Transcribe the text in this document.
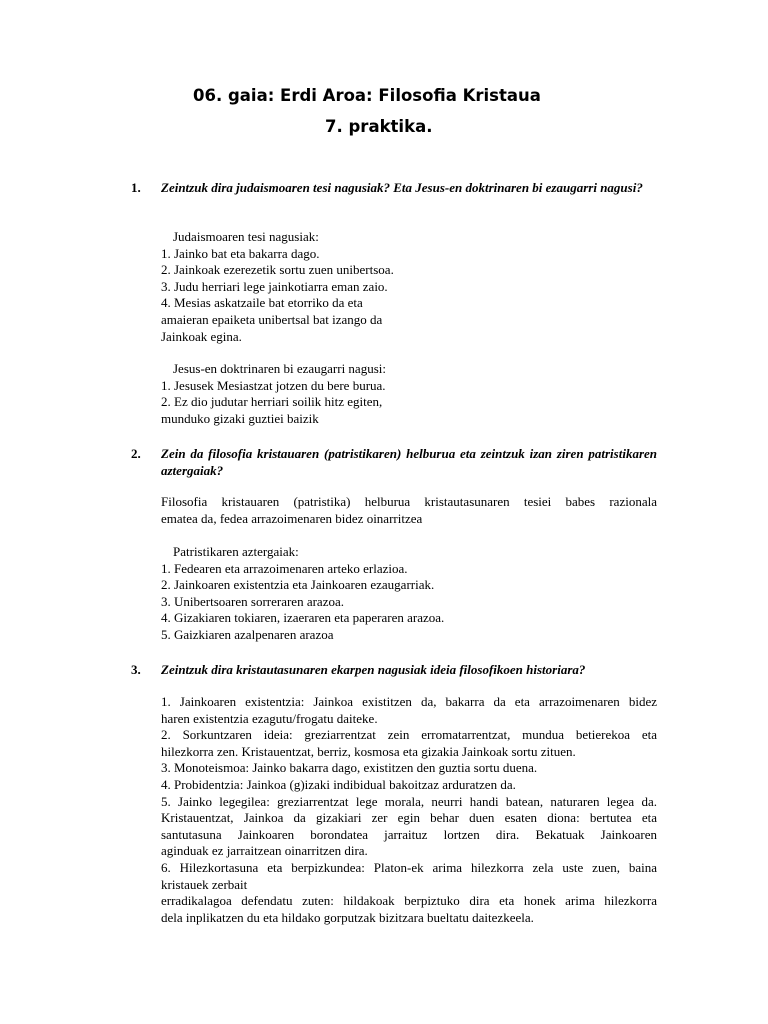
06. gaia: Erdi Aroa: Filosofia Kristaua
7. praktika.
1.	Zeintzuk dira judaismoaren tesi nagusiak? Eta Jesus-en doktrinaren bi ezaugarri nagusi?
Judaismoaren tesi nagusiak:
1. Jainko bat eta bakarra dago.
2. Jainkoak ezerezetik sortu zuen unibertsoa.
3. Judu herriari lege jainkotiarra eman zaio.
4. Mesias askatzaile bat etorriko da eta
amaieran epaiketa unibertsal bat izango da
Jainkoak egina.
Jesus-en doktrinaren bi ezaugarri nagusi:
1. Jesusek Mesiastzat jotzen du bere burua.
2. Ez dio judutar herriari soilik hitz egiten,
munduko gizaki guztiei baizik
2.	Zein da filosofia kristauaren (patristikaren) helburua eta zeintzuk izan ziren patristikaren aztergaiak?
Filosofia kristauaren (patristika) helburua kristautasunaren tesiei babes razionala
ematea da, fedea arrazoimenaren bidez oinarritzea
Patristikaren aztergaiak:
1. Fedearen eta arrazoimenaren arteko erlazioa.
2. Jainkoaren existentzia eta Jainkoaren ezaugarriak.
3. Unibertsoaren sorreraren arazoa.
4. Gizakiaren tokiaren, izaeraren eta paperaren arazoa.
5. Gaizkiaren azalpenaren arazoa
3.	Zeintzuk dira kristautasunaren ekarpen nagusiak ideia filosofikoen historiara?
1. Jainkoaren existentzia: Jainkoa existitzen da, bakarra da eta arrazoimenaren bidez
haren existentzia ezagutu/frogatu daiteke.
2. Sorkuntzaren ideia: greziarrentzat zein erromatarrentzat, mundua betierekoa eta
hilezkorra zen. Kristauentzat, berriz, kosmosa eta gizakia Jainkoak sortu zituen.
3. Monoteismoa: Jainko bakarra dago, existitzen den guztia sortu duena.
4. Probidentzia: Jainkoa (g)izaki indibidual bakoitzaz arduratzen da.
5. Jainko legegilea: greziarrentzat lege morala, neurri handi batean, naturaren legea da.
Kristauentzat, Jainkoa da gizakiari zer egin behar duen esaten diona: bertutea eta
santutasuna Jainkoaren borondatea jarraituz lortzen dira. Bekatuak Jainkoaren
aginduak ez jarraitzean oinarritzen dira.
6. Hilezkortasuna eta berpizkundea: Platon-ek arima hilezkorra zela uste zuen, baina
kristauek zerbait
erradikalagoa defendatu zuten: hildakoak berpiztuko dira eta honek arima hilezkorra
dela inplikatzen du eta hildako gorputzak bizitzara bueltatu daitezkeela.
